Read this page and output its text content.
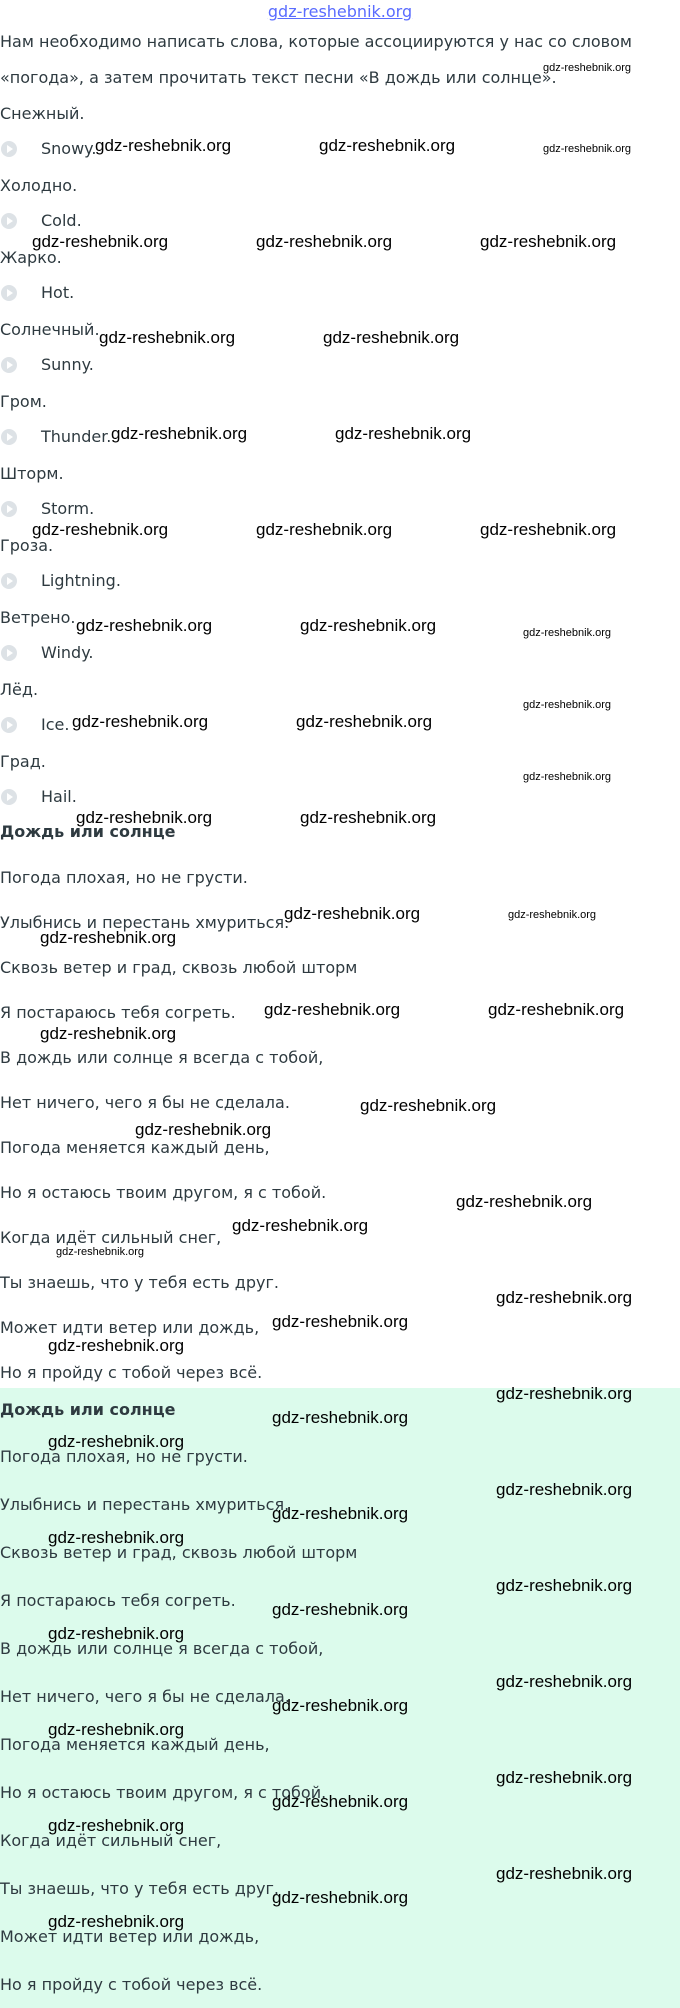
gdz-reshebnik.org
Нам необходимо написать слова, которые ассоциируются у нас со словом
«погода», а затем прочитать текст песни «В дождь или солнце».
Снежный.
Snowy.
Холодно.
Cold.
Жарко.
Hot.
Солнечный.
Sunny.
Гром.
Thunder.
Шторм.
Storm.
Гроза.
Lightning.
Ветрено.
Windy.
Лёд.
Ice.
Град.
Hail.
Дождь или солнце
Погода плохая, но не грусти.
Улыбнись и перестань хмуриться.
Сквозь ветер и град, сквозь любой шторм
Я постараюсь тебя согреть.
В дождь или солнце я всегда с тобой,
Нет ничего, чего я бы не сделала.
Погода меняется каждый день,
Но я остаюсь твоим другом, я с тобой.
Когда идёт сильный снег,
Ты знаешь, что у тебя есть друг.
Может идти ветер или дождь,
Но я пройду с тобой через всё.
Дождь или солнце
Погода плохая, но не грусти.
Улыбнись и перестань хмуриться.
Сквозь ветер и град, сквозь любой шторм
Я постараюсь тебя согреть.
В дождь или солнце я всегда с тобой,
Нет ничего, чего я бы не сделала.
Погода меняется каждый день,
Но я остаюсь твоим другом, я с тобой.
Когда идёт сильный снег,
Ты знаешь, что у тебя есть друг.
Может идти ветер или дождь,
Но я пройду с тобой через всё.
gdz-reshebnik.org
gdz-reshebnik.org	gdz-reshebnik.org	gdz-reshebnik.org
gdz-reshebnik.org	gdz-reshebnik.org	gdz-reshebnik.org
gdz-reshebnik.org	gdz-reshebnik.org
gdz-reshebnik.org	gdz-reshebnik.org
gdz-reshebnik.org	gdz-reshebnik.org	gdz-reshebnik.org
gdz-reshebnik.org	gdz-reshebnik.org	gdz-reshebnik.org
gdz-reshebnik.org
gdz-reshebnik.org	gdz-reshebnik.org
gdz-reshebnik.org
gdz-reshebnik.org	gdz-reshebnik.org
gdz-reshebnik.org	gdz-reshebnik.org
gdz-reshebnik.org
gdz-reshebnik.org	gdz-reshebnik.org
gdz-reshebnik.org
gdz-reshebnik.org
gdz-reshebnik.org
gdz-reshebnik.org
gdz-reshebnik.org
gdz-reshebnik.org
gdz-reshebnik.org
gdz-reshebnik.org
gdz-reshebnik.org
gdz-reshebnik.org
gdz-reshebnik.org
gdz-reshebnik.org
gdz-reshebnik.org
gdz-reshebnik.org
gdz-reshebnik.org
gdz-reshebnik.org
gdz-reshebnik.org
gdz-reshebnik.org
gdz-reshebnik.org
gdz-reshebnik.org
gdz-reshebnik.org
gdz-reshebnik.org
gdz-reshebnik.org
gdz-reshebnik.org
gdz-reshebnik.org
gdz-reshebnik.org
gdz-reshebnik.org
